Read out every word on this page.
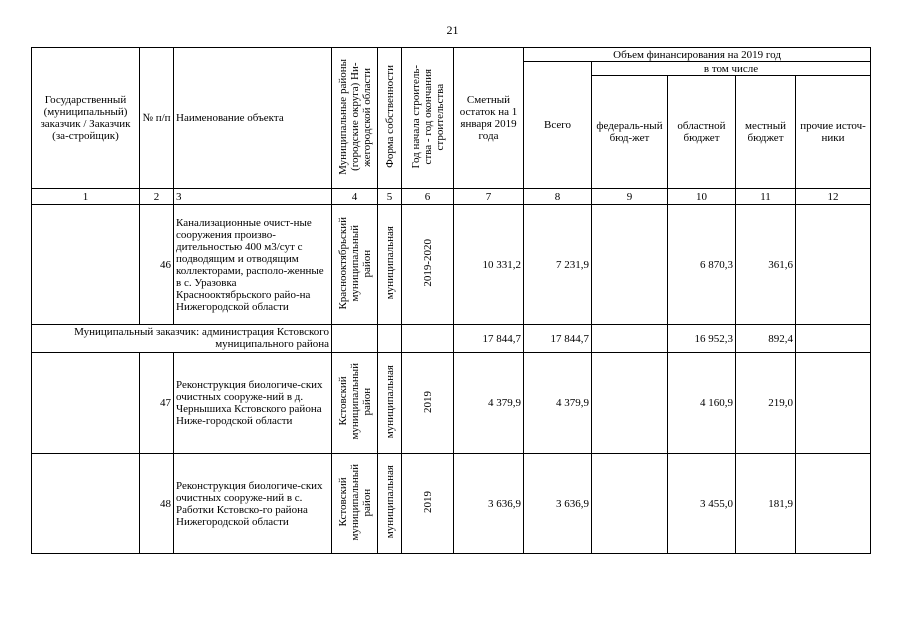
21
Государственный (муниципальный) заказчик / Заказчик (за-стройщик)	№ п/п	Наименование объекта	Муниципальные районы
(городские округа) Ни-
жегородской области	Форма собственности	Год начала строитель-
ства - год окончания
строительства	Сметный остаток на 1 января 2019 года	Объем финансирования на 2019 год				
							Всего	в том числе			
								федераль-ный бюд-жет	областной бюджет	местный бюджет	прочие источ-ники
1	2	3	4	5	6	7	8	9	10	11	12
	46	Канализационные очист-ные сооружения произво-дительностью 400 м3/сут с подводящим и отводящим коллекторами, располо-женные в с. Уразовка Краснооктябрьского райо-на Нижегородской области	Краснооктябрьский
муниципальный
район	муниципальная	2019-2020	10 331,2	7 231,9		6 870,3	361,6	
Муниципальный заказчик: администрация Кстовского муниципального района						17 844,7	17 844,7		16 952,3	892,4	
	47	Реконструкция биологиче-ских очистных сооруже-ний в д. Чернышиха Кстовского района Ниже-городской области	Кстовский
муниципальный
район	муниципальная	2019	4 379,9	4 379,9		4 160,9	219,0	
	48	Реконструкция биологиче-ских очистных сооруже-ний в с. Работки Кстовско-го района Нижегородской области	Кстовский
муниципальный
район	муниципальная	2019	3 636,9	3 636,9		3 455,0	181,9	
